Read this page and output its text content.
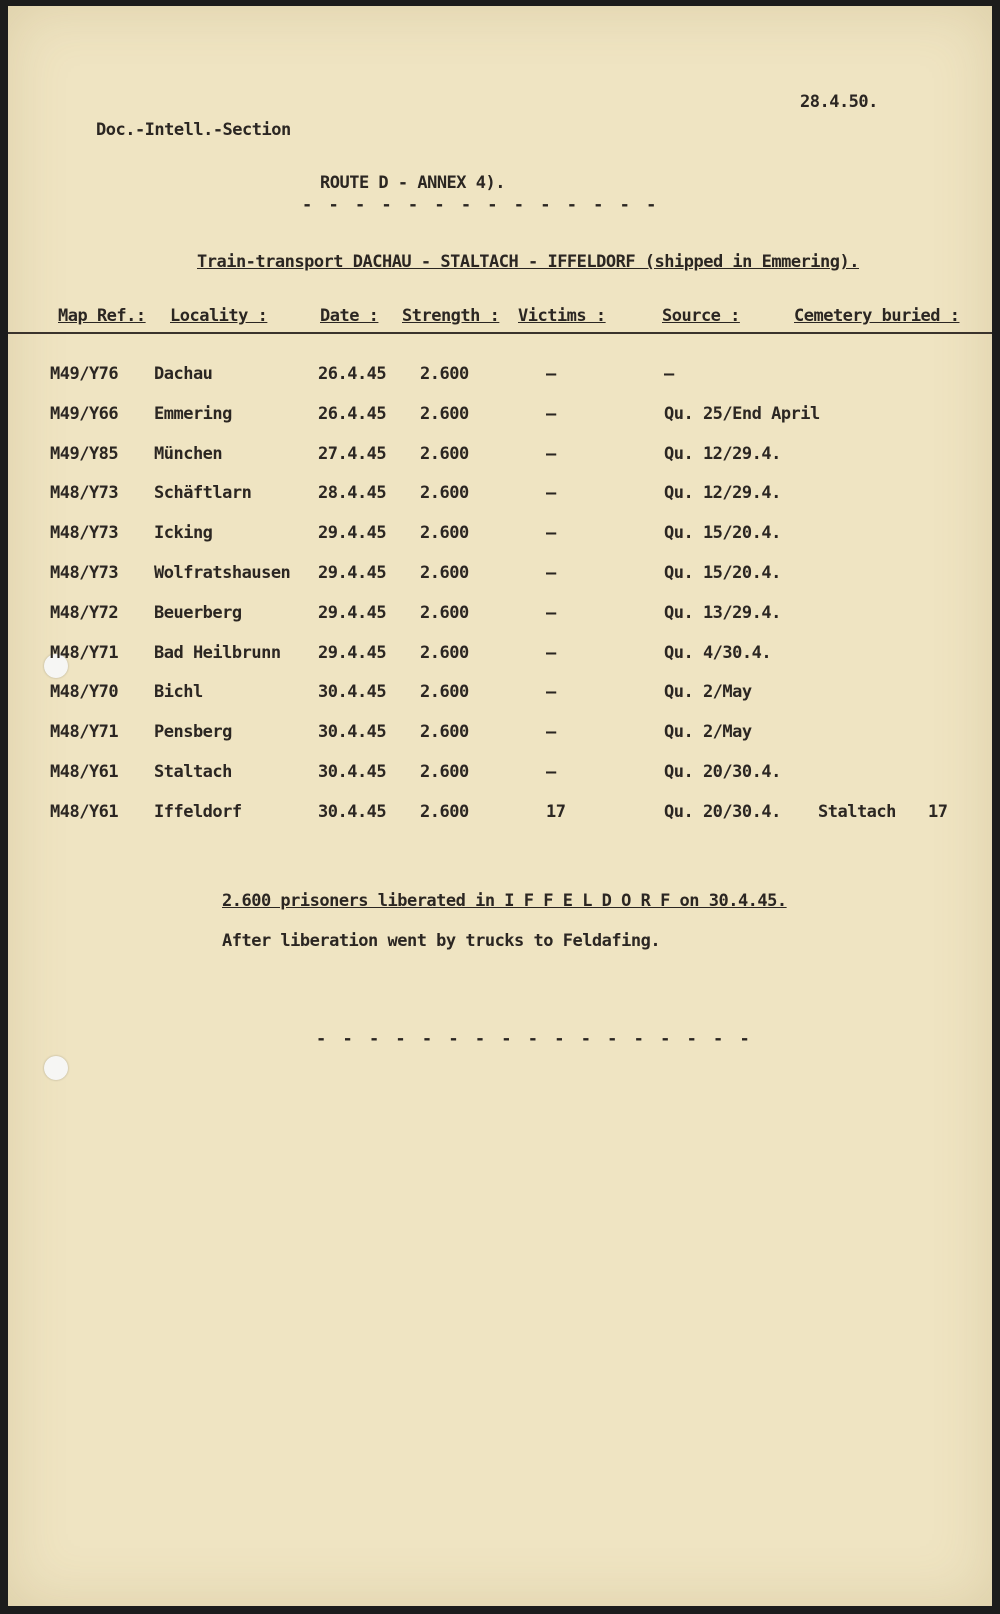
28.4.50.
Doc.-Intell.-Section
ROUTE D - ANNEX 4).
- - - - - - - - - - - - - -
Train-transport DACHAU - STALTACH - IFFELDORF (shipped in Emmering).
Map Ref.: Locality :	Date : Strength : Victims :	Source :	Cemetery buried :
M49/Y76 Dachau	26.4.45 2.600	—	—
M49/Y66 Emmering	26.4.45 2.600	—	Qu. 25/End April
M49/Y85 München	27.4.45 2.600	—	Qu. 12/29.4.
M48/Y73 Schäftlarn	28.4.45 2.600	—	Qu. 12/29.4.
M48/Y73 Icking	29.4.45 2.600	—	Qu. 15/20.4.
M48/Y73 Wolfratshausen 29.4.45 2.600	—	Qu. 15/20.4.
M48/Y72 Beuerberg	29.4.45 2.600	—	Qu. 13/29.4.
M48/Y71 Bad Heilbrunn 29.4.45 2.600	—	Qu. 4/30.4.
M48/Y70 Bichl	30.4.45 2.600	—	Qu. 2/May
M48/Y71 Pensberg	30.4.45 2.600	—	Qu. 2/May
M48/Y61 Staltach	30.4.45 2.600	—	Qu. 20/30.4.
M48/Y61 Iffeldorf	30.4.45 2.600	17	Qu. 20/30.4. Staltach 17
2.600 prisoners liberated in I F F E L D O R F on 30.4.45.
After liberation went by trucks to Feldafing.
- - - - - - - - - - - - - - - - -
